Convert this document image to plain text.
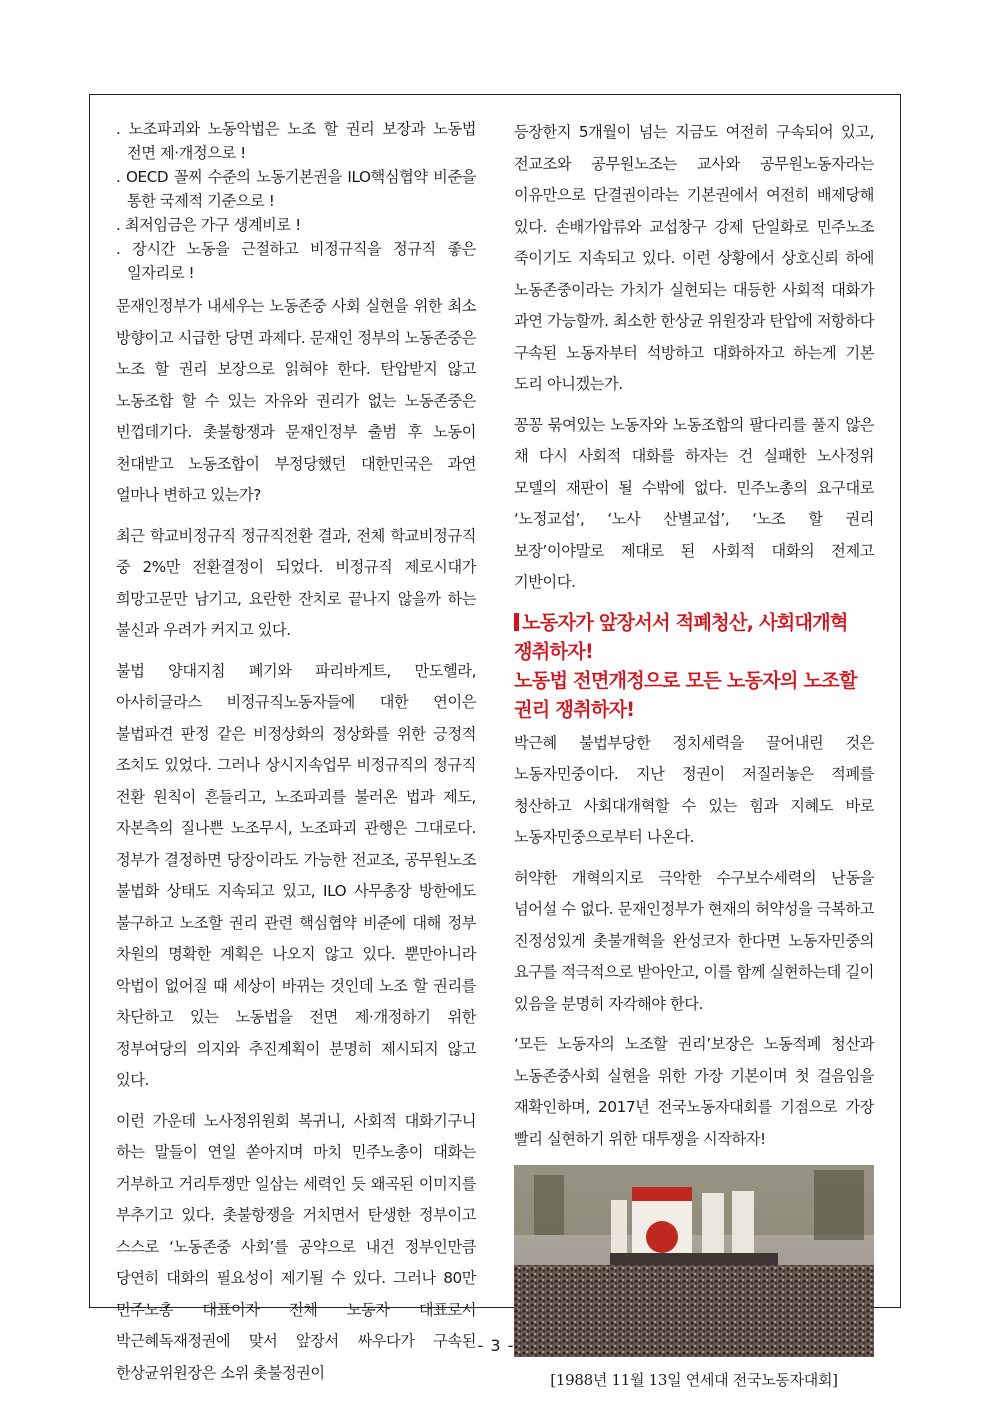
. 노조파괴와 노동악법은 노조 할 권리 보장과 노동법 전면 제·개정으로 !
. OECD 꼴찌 수준의 노동기본권을 ILO핵심협약 비준을 통한 국제적 기준으로 !
. 최저임금은 가구 생계비로 !
. 장시간 노동을 근절하고 비정규직을 정규직 좋은 일자리로 !

문재인정부가 내세우는 노동존중 사회 실현을 위한 최소 방향이고 시급한 당면 과제다. 문재인 정부의 노동존중은 노조 할 권리 보장으로 읽혀야 한다. 탄압받지 않고 노동조합 할 수 있는 자유와 권리가 없는 노동존중은 빈껍데기다. 촛불항쟁과 문재인정부 출범 후 노동이 천대받고 노동조합이 부정당했던 대한민국은 과연 얼마나 변하고 있는가?

최근 학교비정규직 정규직전환 결과, 전체 학교비정규직 중 2%만 전환결정이 되었다. 비정규직 제로시대가 희망고문만 남기고, 요란한 잔치로 끝나지 않을까 하는 불신과 우려가 커지고 있다.

불법 양대지침 폐기와 파리바게트, 만도헬라, 아사히글라스 비정규직노동자들에 대한 연이은 불법파견 판정 같은 비정상화의 정상화를 위한 긍정적 조치도 있었다. 그러나 상시지속업무 비정규직의 정규직 전환 원칙이 흔들리고, 노조파괴를 불러온 법과 제도, 자본측의 질나쁜 노조무시, 노조파괴 관행은 그대로다. 정부가 결정하면 당장이라도 가능한 전교조, 공무원노조 불법화 상태도 지속되고 있고, ILO 사무총장 방한에도 불구하고 노조할 권리 관련 핵심협약 비준에 대해 정부 차원의 명확한 계획은 나오지 않고 있다. 뿐만아니라 악법이 없어질 때 세상이 바뀌는 것인데 노조 할 권리를 차단하고 있는 노동법을 전면 제·개정하기 위한 정부여당의 의지와 추진계획이 분명히 제시되지 않고 있다.

이런 가운데 노사정위원회 복귀니, 사회적 대화기구니 하는 말들이 연일 쏟아지며 마치 민주노총이 대화는 거부하고 거리투쟁만 일삼는 세력인 듯 왜곡된 이미지를 부추기고 있다. 촛불항쟁을 거치면서 탄생한 정부이고 스스로 ‘노동존중 사회’를 공약으로 내건 정부인만큼 당연히 대화의 필요성이 제기될 수 있다. 그러나 80만 민주노총 대표이자 전체 노동자 대표로서 박근혜독재정권에 맞서 앞장서 싸우다가 구속된 한상균위원장은 소위 촛불정권이

등장한지 5개월이 넘는 지금도 여전히 구속되어 있고, 전교조와 공무원노조는 교사와 공무원노동자라는 이유만으로 단결권이라는 기본권에서 여전히 배제당해 있다. 손배가압류와 교섭창구 강제 단일화로 민주노조 죽이기도 지속되고 있다. 이런 상황에서 상호신뢰 하에 노동존중이라는 가치가 실현되는 대등한 사회적 대화가 과연 가능할까. 최소한 한상균 위원장과 탄압에 저항하다 구속된 노동자부터 석방하고 대화하자고 하는게 기본 도리 아니겠는가.

꽁꽁 묶여있는 노동자와 노동조합의 팔다리를 풀지 않은 채 다시 사회적 대화를 하자는 건 실패한 노사정위 모델의 재판이 될 수밖에 없다. 민주노총의 요구대로 ‘노정교섭’, ‘노사 산별교섭’, ‘노조 할 권리 보장’이야말로 제대로 된 사회적 대화의 전제고 기반이다.

노동자가 앞장서서 적폐청산, 사회대개혁 쟁취하자!
노동법 전면개정으로 모든 노동자의 노조할 권리 쟁취하자!

박근혜 불법부당한 정치세력을 끌어내린 것은 노동자민중이다. 지난 정권이 저질러놓은 적폐를 청산하고 사회대개혁할 수 있는 힘과 지혜도 바로 노동자민중으로부터 나온다.

허약한 개혁의지로 극악한 수구보수세력의 난동을 넘어설 수 없다. 문재인정부가 현재의 허약성을 극복하고 진정성있게 촛불개혁을 완성코자 한다면 노동자민중의 요구를 적극적으로 받아안고, 이를 함께 실현하는데 길이 있음을 분명히 자각해야 한다.

‘모든 노동자의 노조할 권리’보장은 노동적폐 청산과 노동존중사회 실현을 위한 가장 기본이며 첫 걸음임을 재확인하며, 2017년 전국노동자대회를 기점으로 가장 빨리 실현하기 위한 대투쟁을 시작하자!

[1988년 11월 13일 연세대 전국노동자대회]
- 3 -
